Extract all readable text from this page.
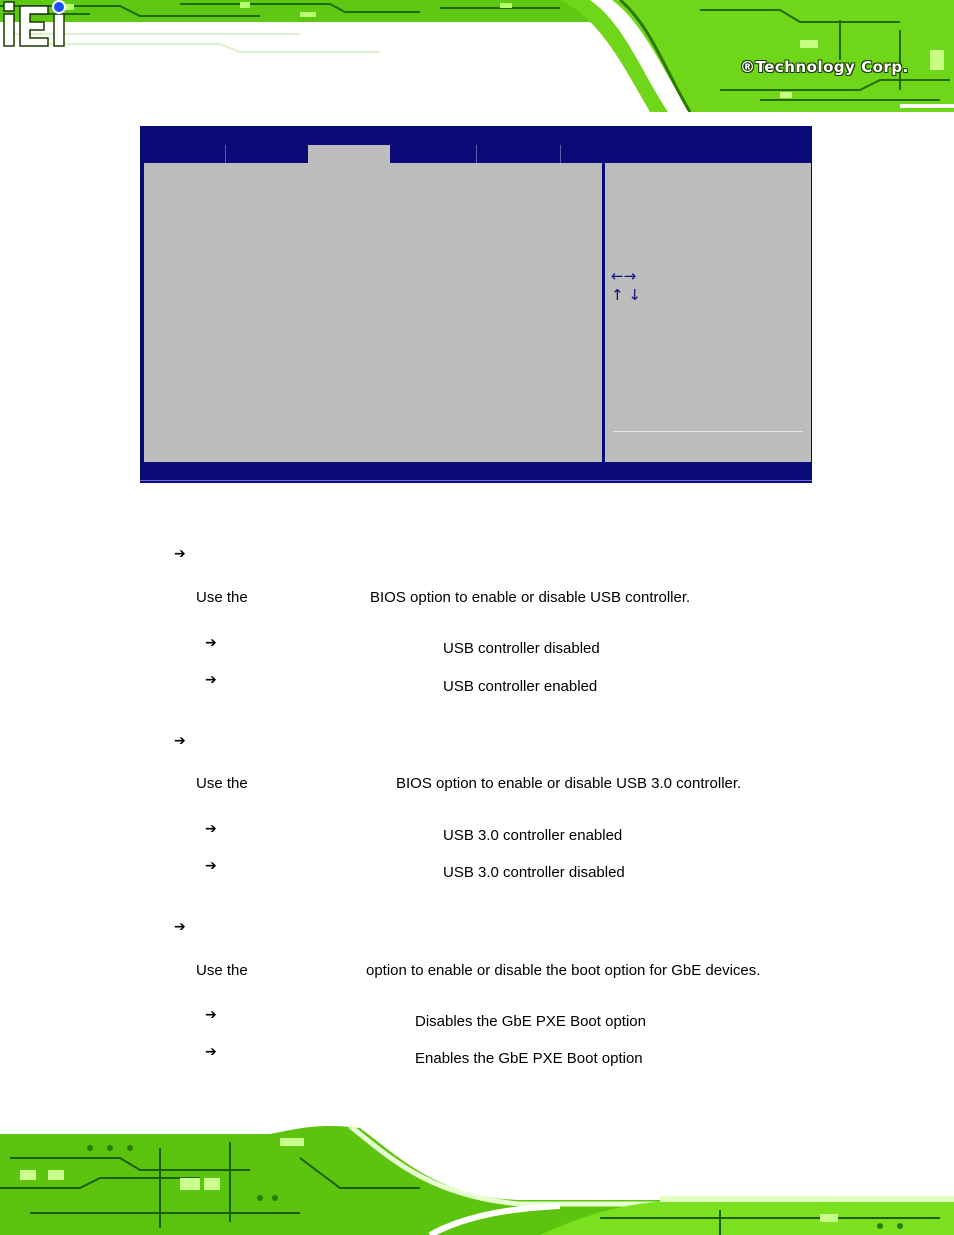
®Technology Corp.
←→
↑ ↓
➔
Use the	BIOS option to enable or disable USB controller.
➔	USB controller disabled
➔	USB controller enabled
➔
Use the	BIOS option to enable or disable USB 3.0 controller.
➔	USB 3.0 controller enabled
➔	USB 3.0 controller disabled
➔
Use the	option to enable or disable the boot option for GbE devices.
➔	Disables the GbE PXE Boot option
➔	Enables the GbE PXE Boot option
